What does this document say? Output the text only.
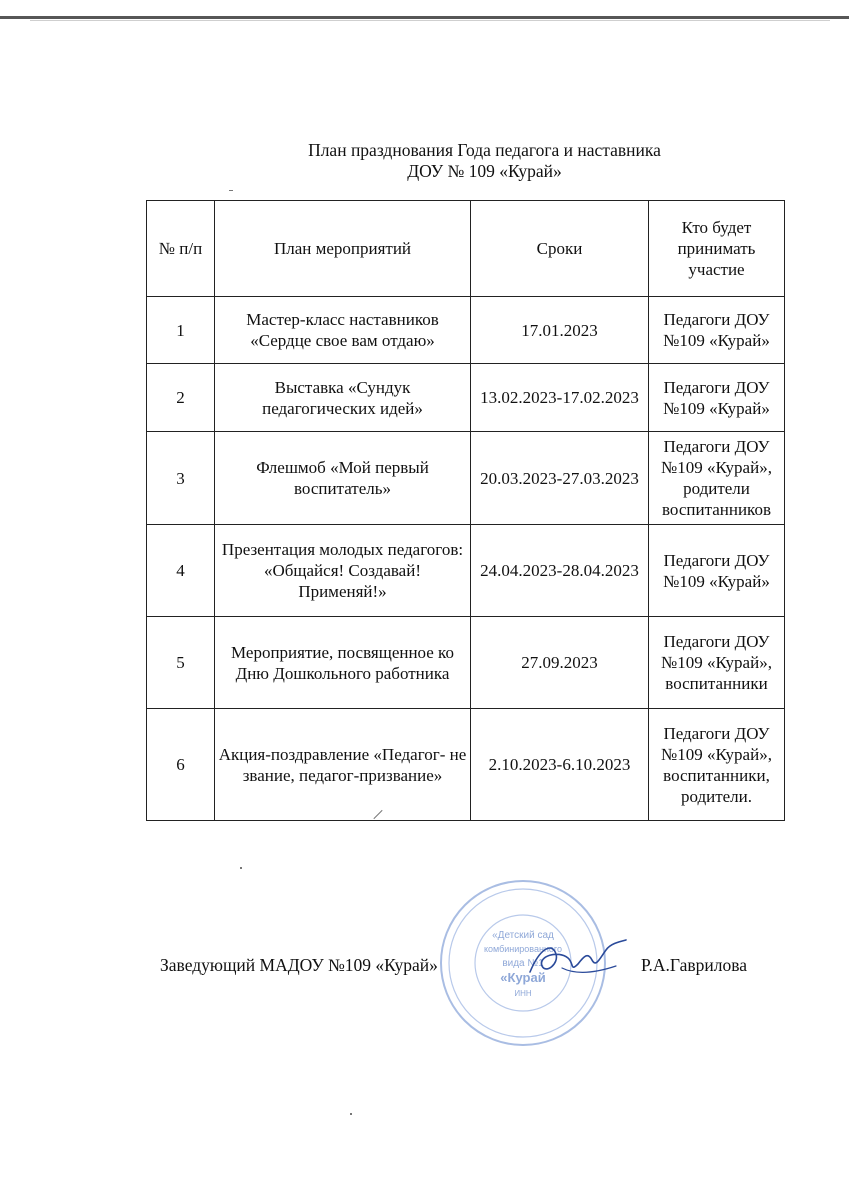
План празднования Года педагога и наставника
ДОУ № 109 «Курай»
№ п/п	План мероприятий	Сроки	Кто будет принимать участие
1	Мастер-класс наставников «Сердце свое вам отдаю»	17.01.2023	Педагоги ДОУ №109 «Курай»
2	Выставка «Сундук педагогических идей»	13.02.2023-17.02.2023	Педагоги ДОУ №109 «Курай»
3	Флешмоб «Мой первый воспитатель»	20.03.2023-27.03.2023	Педагоги ДОУ №109 «Курай», родители воспитанников
4	Презентация молодых педагогов: «Общайся! Создавай! Применяй!»	24.04.2023-28.04.2023	Педагоги ДОУ №109 «Курай»
5	Мероприятие, посвященное ко Дню Дошкольного работника	27.09.2023	Педагоги ДОУ №109 «Курай», воспитанники
6	Акция-поздравление «Педагог- не звание, педагог-призвание»	2.10.2023-6.10.2023	Педагоги ДОУ №109 «Курай», воспитанники, родители.
«Детский сад
комбинированного
вида №1
«Курай
ИНН
Заведующий МАДОУ №109 «Курай»	Р.А.Гаврилова
